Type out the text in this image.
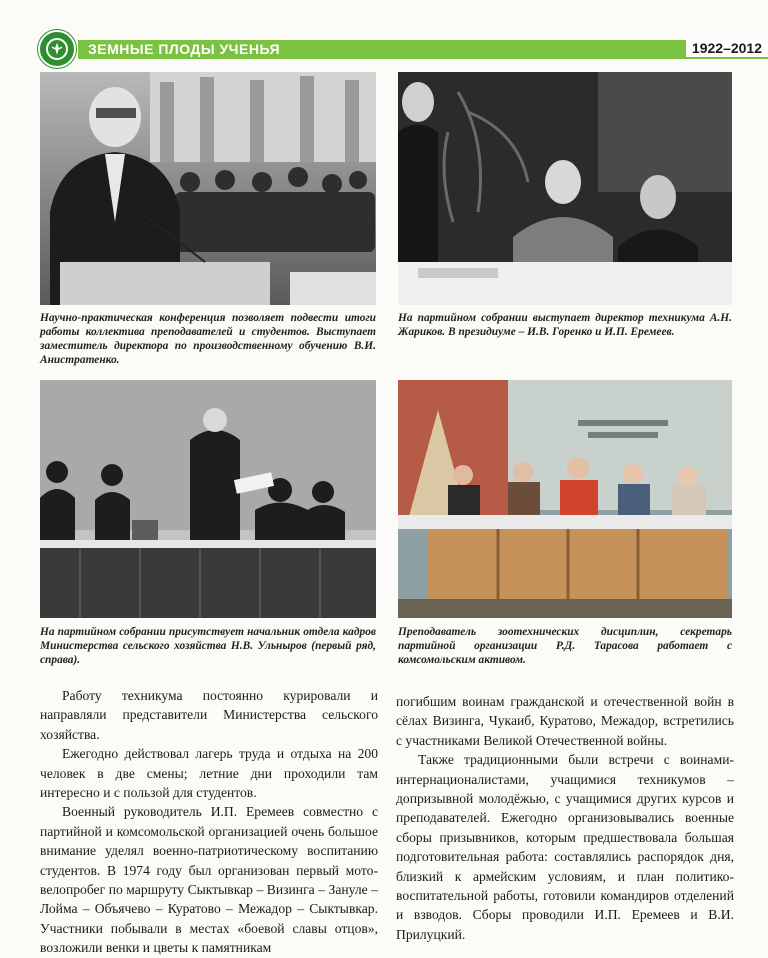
ЗЕМНЫЕ ПЛОДЫ УЧЕНЬЯ	1922–2012
Научно-практическая конференция позволяет подвести итоги работы коллектива преподавателей и студентов. Выступает заместитель директора по производственному обучению В.И. Анистратенко.
На партийном собрании выступает директор техникума А.Н. Жариков. В президиуме – И.В. Горенко и И.П. Еремеев.
На партийном собрании присутствует начальник отдела кадров Министерства сельского хозяйства Н.В. Ульныров (первый ряд, справа).
Преподаватель зоотехнических дисциплин, секретарь партийной организации Р.Д. Тарасова работает с комсомольским активом.

Работу техникума постоянно курировали и направляли представители Министерства сельского хозяйства.

Ежегодно действовал лагерь труда и отдыха на 200 человек в две смены; летние дни проходили там интересно и с пользой для студентов.

Военный руководитель И.П. Еремеев совместно с партийной и комсомольской организацией очень большое внимание уделял военно-патриотическому воспитанию студентов. В 1974 году был организован первый мото-велопробег по маршруту Сыктывкар – Визинга – Зануле – Лойма – Объячево – Куратово – Межадор – Сыктывкар. Участники побывали в местах «боевой славы отцов», возложили венки и цветы к памятникам

погибшим воинам гражданской и отечественной войн в сёлах Визинга, Чукаиб, Куратово, Межадор, встретились с участниками Великой Отечественной войны.

Также традиционными были встречи с воинами-интернационалистами, учащимися техникумов – допризывной молодёжью, с учащимися других курсов и преподавателей. Ежегодно организовывались военные сборы призывников, которым предшествовала большая подготовительная работа: составлялись распорядок дня, близкий к армейским условиям, и план политико-воспитательной работы, готовили командиров отделений и взводов. Сборы проводили И.П. Еремеев и В.И. Прилуцкий.
